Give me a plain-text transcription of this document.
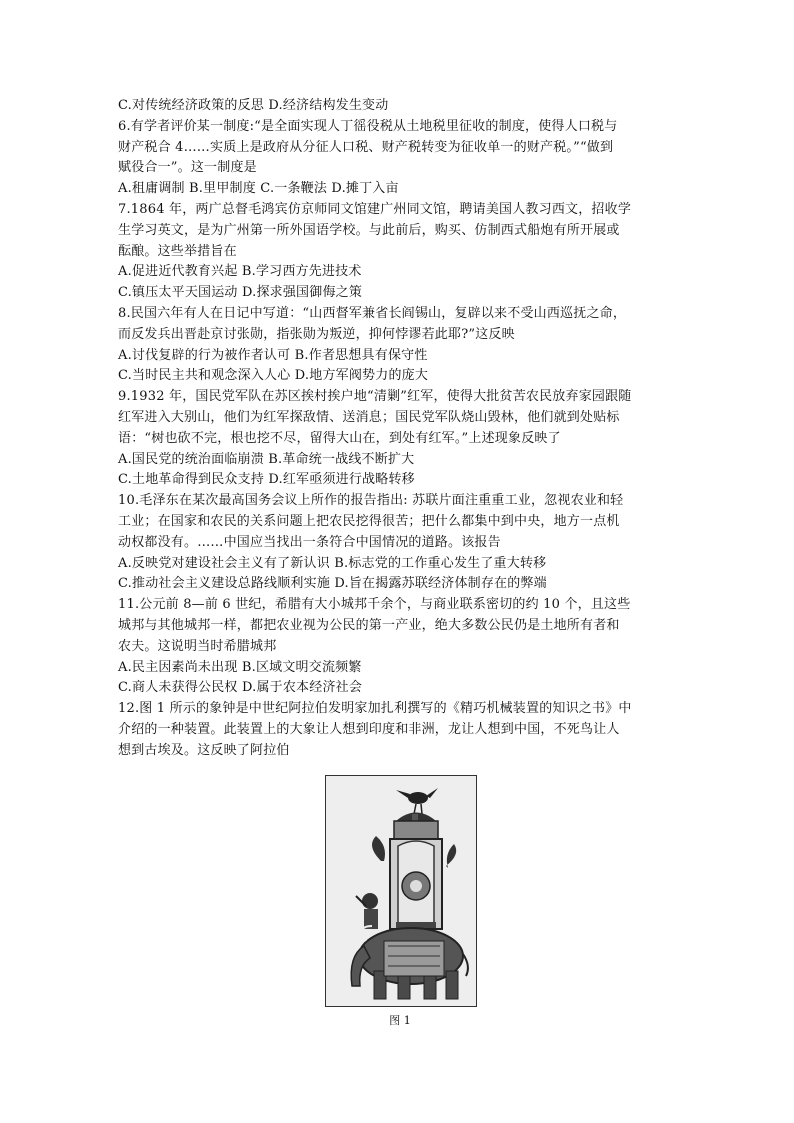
C.对传统经济政策的反思 D.经济结构发生变动
6.有学者评价某一制度:“是全面实现人丁徭役税从土地税里征收的制度，使得人口税与
财产税合 4……实质上是政府从分征人口税、财产税转变为征收单一的财产税。”“做到
赋役合一”。这一制度是
A.租庸调制 B.里甲制度 C.一条鞭法 D.摊丁入亩
7.1864 年，两广总督毛鸿宾仿京师同文馆建广州同文馆，聘请美国人教习西文，招收学
生学习英文，是为广州第一所外国语学校。与此前后，购买、仿制西式船炮有所开展或
酝酿。这些举措旨在
A.促进近代教育兴起 B.学习西方先进技术
C.镇压太平天国运动 D.探求强国御侮之策
8.民国六年有人在日记中写道：“山西督军兼省长阎锡山，复辟以来不受山西巡抚之命，
而反发兵出晋赴京讨张勋，指张勋为叛逆，抑何悖谬若此耶?”这反映
A.讨伐复辟的行为被作者认可 B.作者思想具有保守性
C.当时民主共和观念深入人心 D.地方军阀势力的庞大
9.1932 年，国民党军队在苏区挨村挨户地“清剿”红军，使得大批贫苦农民放弃家园跟随
红军进入大别山，他们为红军探敌情、送消息；国民党军队烧山毁林，他们就到处贴标
语：“树也砍不完，根也挖不尽，留得大山在，到处有红军。”上述现象反映了
A.国民党的统治面临崩溃 B.革命统一战线不断扩大
C.土地革命得到民众支持 D.红军亟须进行战略转移
10.毛泽东在某次最高国务会议上所作的报告指出: 苏联片面注重重工业，忽视农业和轻
工业；在国家和农民的关系问题上把农民挖得很苦；把什么都集中到中央，地方一点机
动权都没有。……中国应当找出一条符合中国情况的道路。该报告
A.反映党对建设社会主义有了新认识 B.标志党的工作重心发生了重大转移
C.推动社会主义建设总路线顺利实施 D.旨在揭露苏联经济体制存在的弊端
11.公元前 8—前 6 世纪，希腊有大小城邦千余个，与商业联系密切的约 10 个，且这些
城邦与其他城邦一样，都把农业视为公民的第一产业，绝大多数公民仍是土地所有者和
农夫。这说明当时希腊城邦
A.民主因素尚未出现 B.区域文明交流频繁
C.商人未获得公民权 D.属于农本经济社会
12.图 1 所示的象钟是中世纪阿拉伯发明家加扎利撰写的《精巧机械装置的知识之书》中
介绍的一种装置。此装置上的大象让人想到印度和非洲，龙让人想到中国，不死鸟让人
想到古埃及。这反映了阿拉伯
图 1
